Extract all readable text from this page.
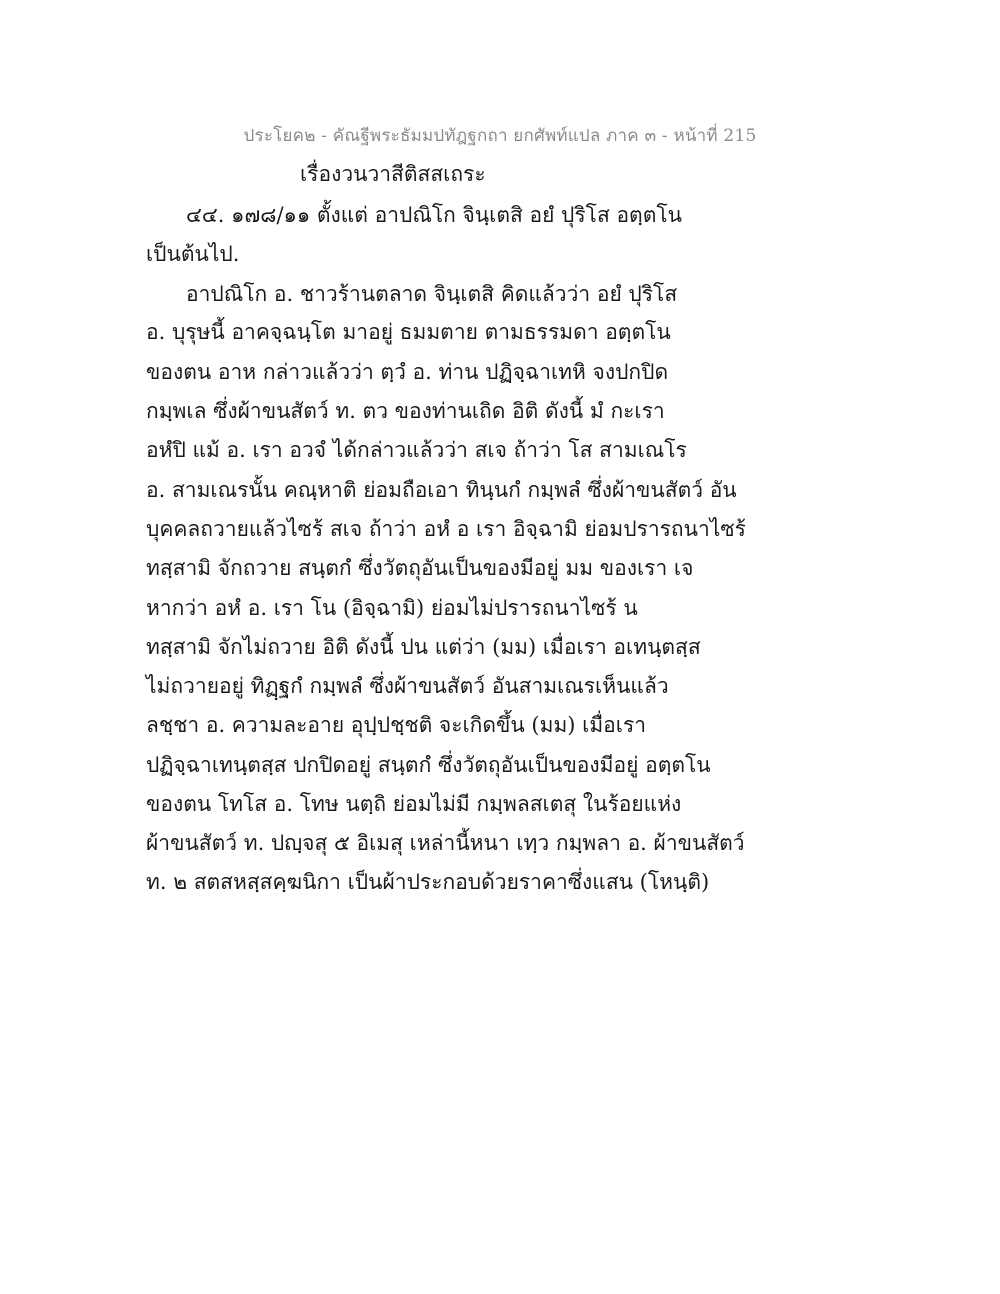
ประโยค๒ - คัณฐีพระธัมมปทัฎฐกถา ยกศัพท์แปล ภาค ๓ - หน้าที่ 215
เรื่องวนวาสีติสสเถระ
๔๔. ๑๗๘/๑๑ ตั้งแต่ อาปณิโก จินฺเตสิ อยํ ปุริโส อตฺตโน
เป็นต้นไป.
อาปณิโก อ. ชาวร้านตลาด จินฺเตสิ คิดแล้วว่า อยํ ปุริโส
อ. บุรุษนี้ อาคจฺฉนฺโต มาอยู่ ธมมตาย ตามธรรมดา อตฺตโน
ของตน อาห กล่าวแล้วว่า ตฺวํ อ. ท่าน ปฏิจฺฉาเทหิ จงปกปิด
กมฺพเล ซึ่งผ้าขนสัตว์ ท. ตว ของท่านเถิด อิติ ดังนี้ มํ กะเรา
อหํปิ แม้ อ. เรา อวจํ ได้กล่าวแล้วว่า สเจ ถ้าว่า โส สามเณโร
อ. สามเณรนั้น คณฺหาติ ย่อมถือเอา ทินฺนกํ กมฺพลํ ซึ่งผ้าขนสัตว์ อัน
บุคคลถวายแล้วไซร้ สเจ ถ้าว่า อหํ อ เรา อิจฺฉามิ ย่อมปรารถนาไซร้
ทสฺสามิ จักถวาย สนฺตกํ ซึ่งวัตถุอันเป็นของมีอยู่ มม ของเรา เจ
หากว่า อหํ อ. เรา โน (อิจฺฉามิ) ย่อมไม่ปรารถนาไซร้ น
ทสฺสามิ จักไม่ถวาย อิติ ดังนี้ ปน แต่ว่า (มม) เมื่อเรา อเทนฺตสฺส
ไม่ถวายอยู่ ทิฏฺฐกํ กมฺพลํ ซึ่งผ้าขนสัตว์ อันสามเณรเห็นแล้ว
ลชฺชา อ. ความละอาย อุปฺปชฺชติ จะเกิดขึ้น (มม) เมื่อเรา
ปฏิจฺฉาเทนฺตสฺส ปกปิดอยู่ สนฺตกํ ซึ่งวัตถุอันเป็นของมีอยู่ อตฺตโน
ของตน โทโส อ. โทษ นตฺถิ ย่อมไม่มี กมฺพลสเตสุ ในร้อยแห่ง
ผ้าขนสัตว์ ท. ปญฺจสุ ๕ อิเมสุ เหล่านี้หนา เทฺว กมฺพลา อ. ผ้าขนสัตว์
ท. ๒ สตสหสฺสคฺฆนิกา เป็นผ้าประกอบด้วยราคาซึ่งแสน (โหนฺติ)
